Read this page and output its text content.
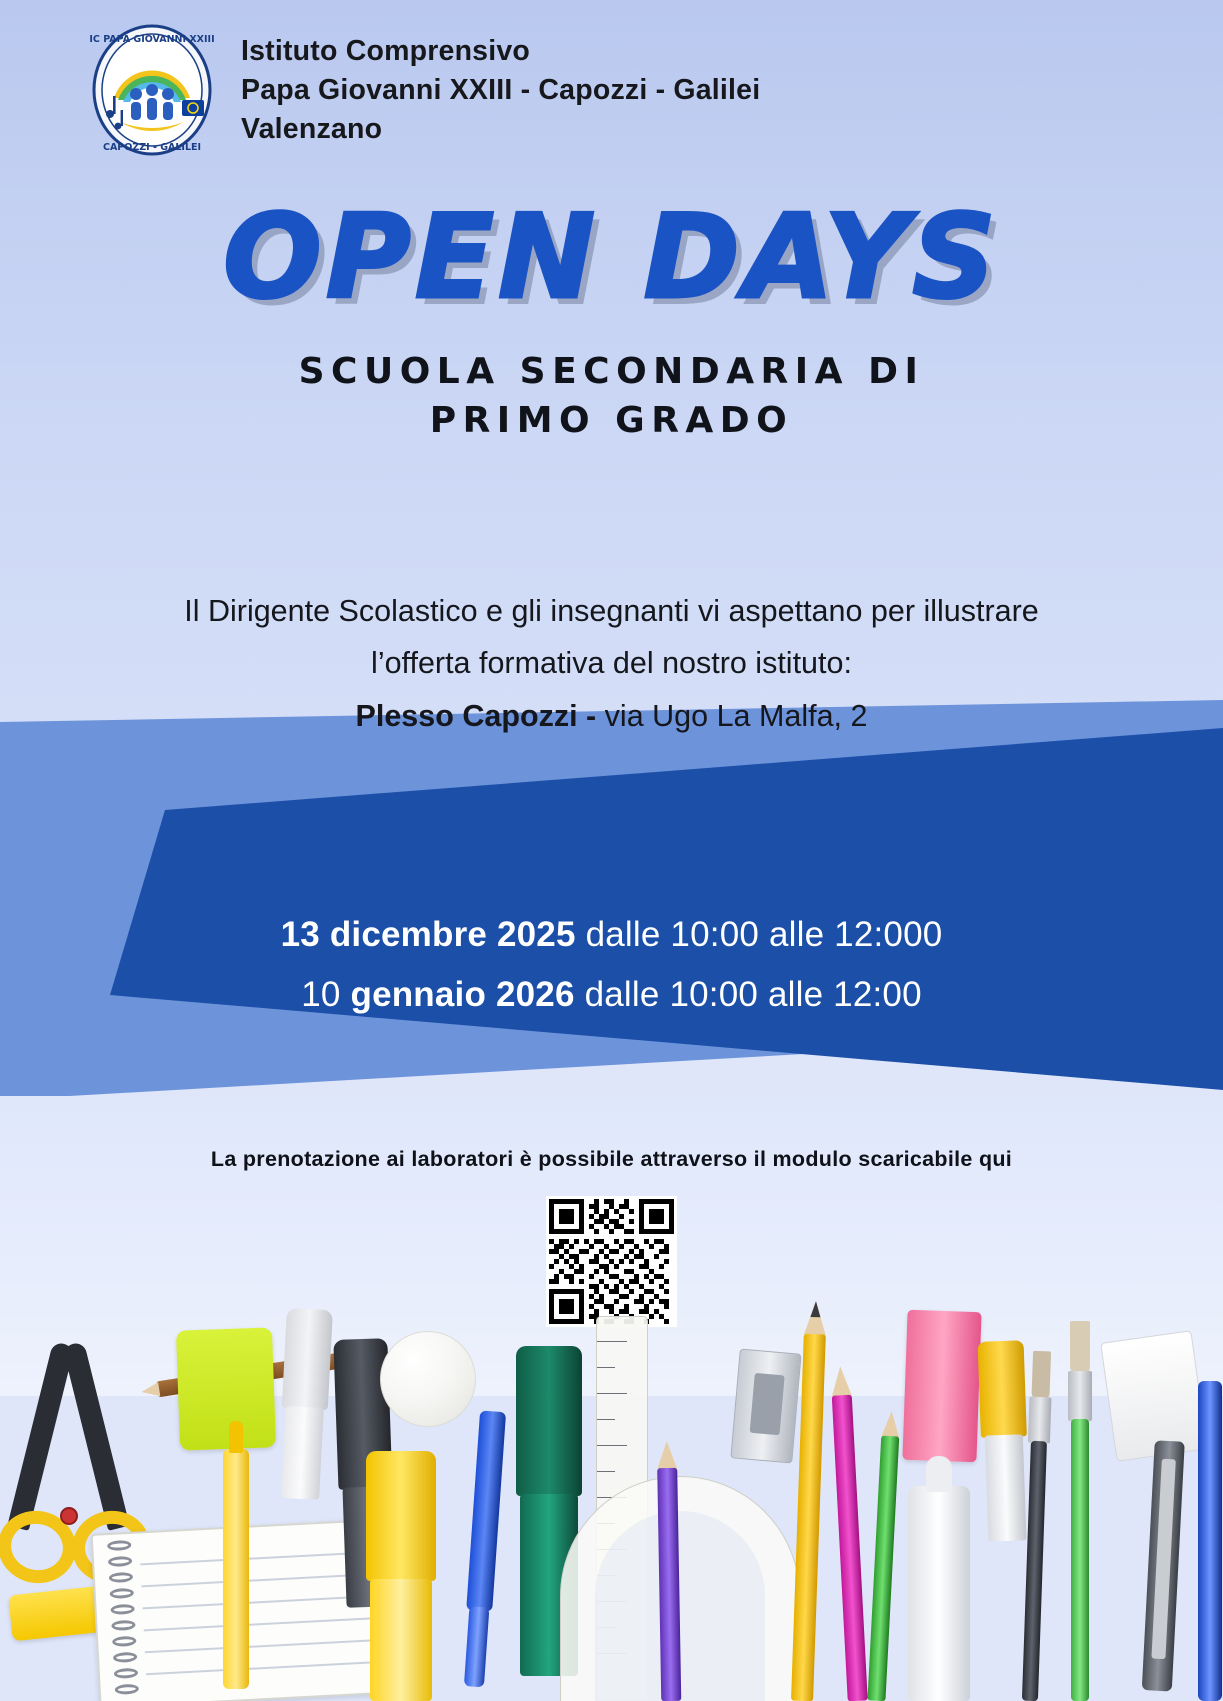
IC PAPA GIOVANNI XXIII
CAPOZZI - GALILEI
Istituto Comprensivo
Papa Giovanni XXIII - Capozzi - Galilei
Valenzano
OPEN DAYS
SCUOLA SECONDARIA DI
PRIMO GRADO
Il Dirigente Scolastico e gli insegnanti vi aspettano per illustrare
l’offerta formativa del nostro istituto:
Plesso Capozzi - via Ugo La Malfa, 2
13 dicembre 2025 dalle 10:00 alle 12:000
10 gennaio 2026 dalle 10:00 alle 12:00
La prenotazione ai laboratori è possibile attraverso il modulo scaricabile qui
